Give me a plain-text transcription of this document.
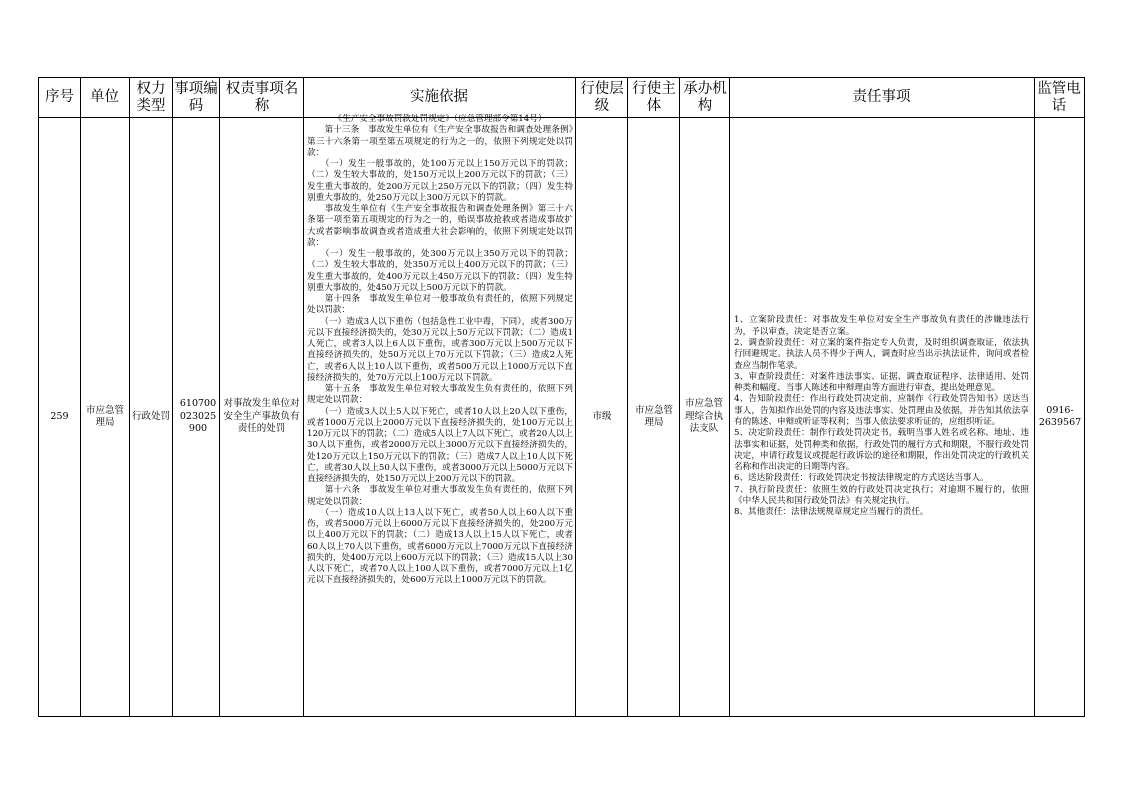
序号	单位
权力类型
事项编码
权责事项名称
实施依据
行使层级
行使主体
承办机构
责任事项
监管电话
259
市应急管理局
行政处罚
610700023025900
对事故发生单位对安全生产事故负有责任的处罚

《生产安全事故罚款处罚规定》（应急管理部令第14号）

　　第十三条　事故发生单位有《生产安全事故报告和调查处理条例》第三十六条第一项至第五项规定的行为之一的，依照下列规定处以罚款：

　　（一）发生一般事故的，处100万元以上150万元以下的罚款；（二）发生较大事故的，处150万元以上200万元以下的罚款；（三）发生重大事故的，处200万元以上250万元以下的罚款；（四）发生特别重大事故的，处250万元以上300万元以下的罚款。

　　事故发生单位有《生产安全事故报告和调查处理条例》第三十六条第一项至第五项规定的行为之一的，贻误事故抢救或者造成事故扩大或者影响事故调查或者造成重大社会影响的，依照下列规定处以罚款：

　　（一）发生一般事故的，处300万元以上350万元以下的罚款；（二）发生较大事故的，处350万元以上400万元以下的罚款；（三）发生重大事故的，处400万元以上450万元以下的罚款；（四）发生特别重大事故的，处450万元以上500万元以下的罚款。

　　第十四条　事故发生单位对一般事故负有责任的，依照下列规定处以罚款：

　　（一）造成3人以下重伤（包括急性工业中毒，下同），或者300万元以下直接经济损失的，处30万元以上50万元以下罚款；（二）造成1人死亡，或者3人以上6人以下重伤，或者300万元以上500万元以下直接经济损失的，处50万元以上70万元以下罚款；（三）造成2人死亡，或者6人以上10人以下重伤，或者500万元以上1000万元以下直接经济损失的，处70万元以上100万元以下罚款。

　　第十五条　事故发生单位对较大事故发生负有责任的，依照下列规定处以罚款：

　　（一）造成3人以上5人以下死亡，或者10人以上20人以下重伤，或者1000万元以上2000万元以下直接经济损失的，处100万元以上120万元以下的罚款；（二）造成5人以上7人以下死亡，或者20人以上30人以下重伤，或者2000万元以上3000万元以下直接经济损失的，处120万元以上150万元以下的罚款；（三）造成7人以上10人以下死亡，或者30人以上50人以下重伤，或者3000万元以上5000万元以下直接经济损失的，处150万元以上200万元以下的罚款。

　　第十六条　事故发生单位对重大事故发生负有责任的，依照下列规定处以罚款：

　　（一）造成10人以上13人以下死亡，或者50人以上60人以下重伤，或者5000万元以上6000万元以下直接经济损失的，处200万元以上400万元以下的罚款；（二）造成13人以上15人以下死亡，或者60人以上70人以下重伤，或者6000万元以上7000万元以下直接经济损失的，处400万元以上600万元以下的罚款；（三）造成15人以上30人以下死亡，或者70人以上100人以下重伤，或者7000万元以上1亿元以下直接经济损失的，处600万元以上1000万元以下的罚款。

市级
市应急管理局
市应急管理综合执法支队

1、立案阶段责任：对事故发生单位对安全生产事故负有责任的涉嫌违法行为，予以审查，决定是否立案。

2、调查阶段责任：对立案的案件指定专人负责，及时组织调查取证，依法执行回避规定。执法人员不得少于两人，调查时应当出示执法证件，询问或者检查应当制作笔录。

3、审查阶段责任：对案件违法事实、证据、调查取证程序、法律适用、处罚种类和幅度、当事人陈述和申辩理由等方面进行审查，提出处理意见。

4、告知阶段责任：作出行政处罚决定前，应制作《行政处罚告知书》送达当事人，告知拟作出处罚的内容及违法事实、处罚理由及依据，并告知其依法享有的陈述、申辩或听证等权利；当事人依法要求听证的，应组织听证。

5、决定阶段责任：制作行政处罚决定书，载明当事人姓名或名称、地址、违法事实和证据，处罚种类和依据，行政处罚的履行方式和期限，不服行政处罚决定，申请行政复议或提起行政诉讼的途径和期限，作出处罚决定的行政机关名称和作出决定的日期等内容。

6、送达阶段责任：行政处罚决定书按法律规定的方式送达当事人。

7、执行阶段责任：依照生效的行政处罚决定执行；对逾期不履行的，依照《中华人民共和国行政处罚法》有关规定执行。

8、其他责任：法律法规规章规定应当履行的责任。

0916-2639567
